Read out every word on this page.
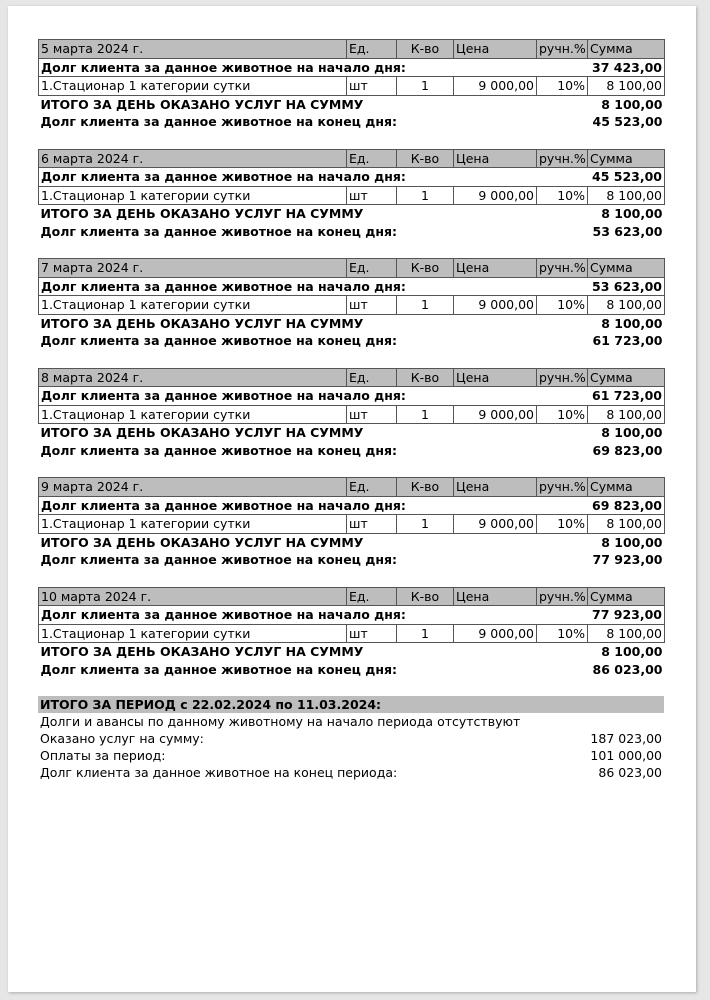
5 марта 2024 г.	Ед.	К-во	Цена	ручн.%	Сумма
Долг клиента за данное животное на начало дня:					37 423,00
1.Стационар 1 категории сутки	шт	1	9 000,00	10%	8 100,00
ИТОГО ЗА ДЕНЬ ОКАЗАНО УСЛУГ НА СУММУ					8 100,00
Долг клиента за данное животное на конец дня:					45 523,00
6 марта 2024 г.	Ед.	К-во	Цена	ручн.%	Сумма
Долг клиента за данное животное на начало дня:					45 523,00
1.Стационар 1 категории сутки	шт	1	9 000,00	10%	8 100,00
ИТОГО ЗА ДЕНЬ ОКАЗАНО УСЛУГ НА СУММУ					8 100,00
Долг клиента за данное животное на конец дня:					53 623,00
7 марта 2024 г.	Ед.	К-во	Цена	ручн.%	Сумма
Долг клиента за данное животное на начало дня:					53 623,00
1.Стационар 1 категории сутки	шт	1	9 000,00	10%	8 100,00
ИТОГО ЗА ДЕНЬ ОКАЗАНО УСЛУГ НА СУММУ					8 100,00
Долг клиента за данное животное на конец дня:					61 723,00
8 марта 2024 г.	Ед.	К-во	Цена	ручн.%	Сумма
Долг клиента за данное животное на начало дня:					61 723,00
1.Стационар 1 категории сутки	шт	1	9 000,00	10%	8 100,00
ИТОГО ЗА ДЕНЬ ОКАЗАНО УСЛУГ НА СУММУ					8 100,00
Долг клиента за данное животное на конец дня:					69 823,00
9 марта 2024 г.	Ед.	К-во	Цена	ручн.%	Сумма
Долг клиента за данное животное на начало дня:					69 823,00
1.Стационар 1 категории сутки	шт	1	9 000,00	10%	8 100,00
ИТОГО ЗА ДЕНЬ ОКАЗАНО УСЛУГ НА СУММУ					8 100,00
Долг клиента за данное животное на конец дня:					77 923,00
10 марта 2024 г.	Ед.	К-во	Цена	ручн.%	Сумма
Долг клиента за данное животное на начало дня:					77 923,00
1.Стационар 1 категории сутки	шт	1	9 000,00	10%	8 100,00
ИТОГО ЗА ДЕНЬ ОКАЗАНО УСЛУГ НА СУММУ					8 100,00
Долг клиента за данное животное на конец дня:					86 023,00
ИТОГО ЗА ПЕРИОД с 22.02.2024 по 11.03.2024:
Долги и авансы по данному животному на начало периода отсутствуют
Оказано услуг на сумму:	187 023,00
Оплаты за период:	101 000,00
Долг клиента за данное животное на конец периода:	86 023,00
